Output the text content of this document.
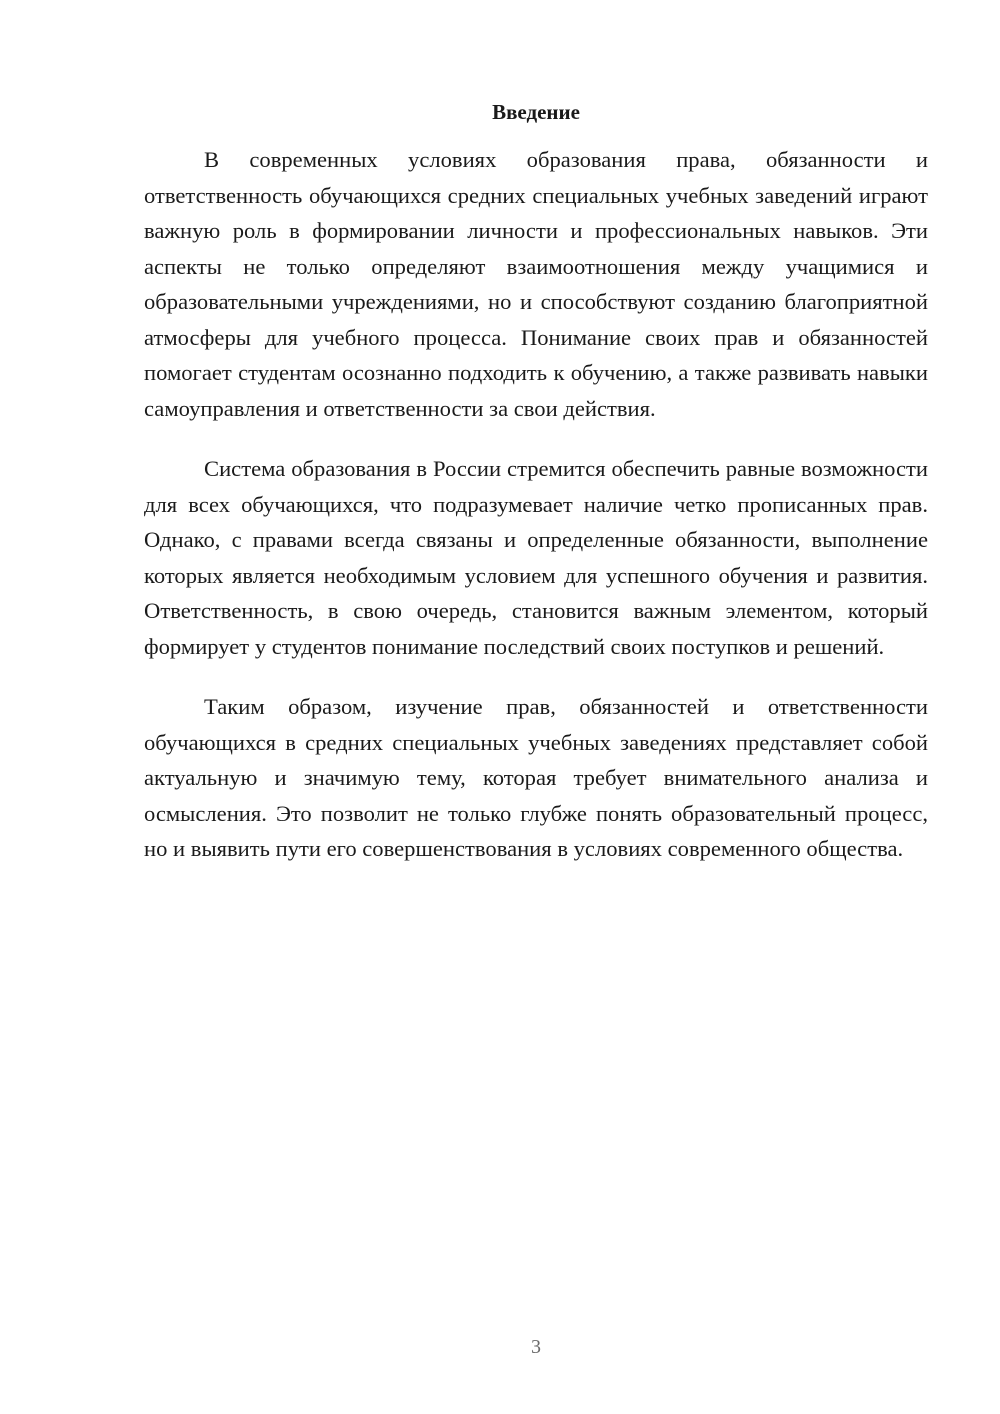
Введение

В современных условиях образования права, обязанности и ответственность обучающихся средних специальных учебных заведений играют важную роль в формировании личности и профессиональных навыков. Эти аспекты не только определяют взаимоотношения между учащимися и образовательными учреждениями, но и способствуют созданию благоприятной атмосферы для учебного процесса. Понимание своих прав и обязанностей помогает студентам осознанно подходить к обучению, а также развивать навыки самоуправления и ответственности за свои действия.

Система образования в России стремится обеспечить равные возможности для всех обучающихся, что подразумевает наличие четко прописанных прав. Однако, с правами всегда связаны и определенные обязанности, выполнение которых является необходимым условием для успешного обучения и развития. Ответственность, в свою очередь, становится важным элементом, который формирует у студентов понимание последствий своих поступков и решений.

Таким образом, изучение прав, обязанностей и ответственности обучающихся в средних специальных учебных заведениях представляет собой актуальную и значимую тему, которая требует внимательного анализа и осмысления. Это позволит не только глубже понять образовательный процесс, но и выявить пути его совершенствования в условиях современного общества.

3
